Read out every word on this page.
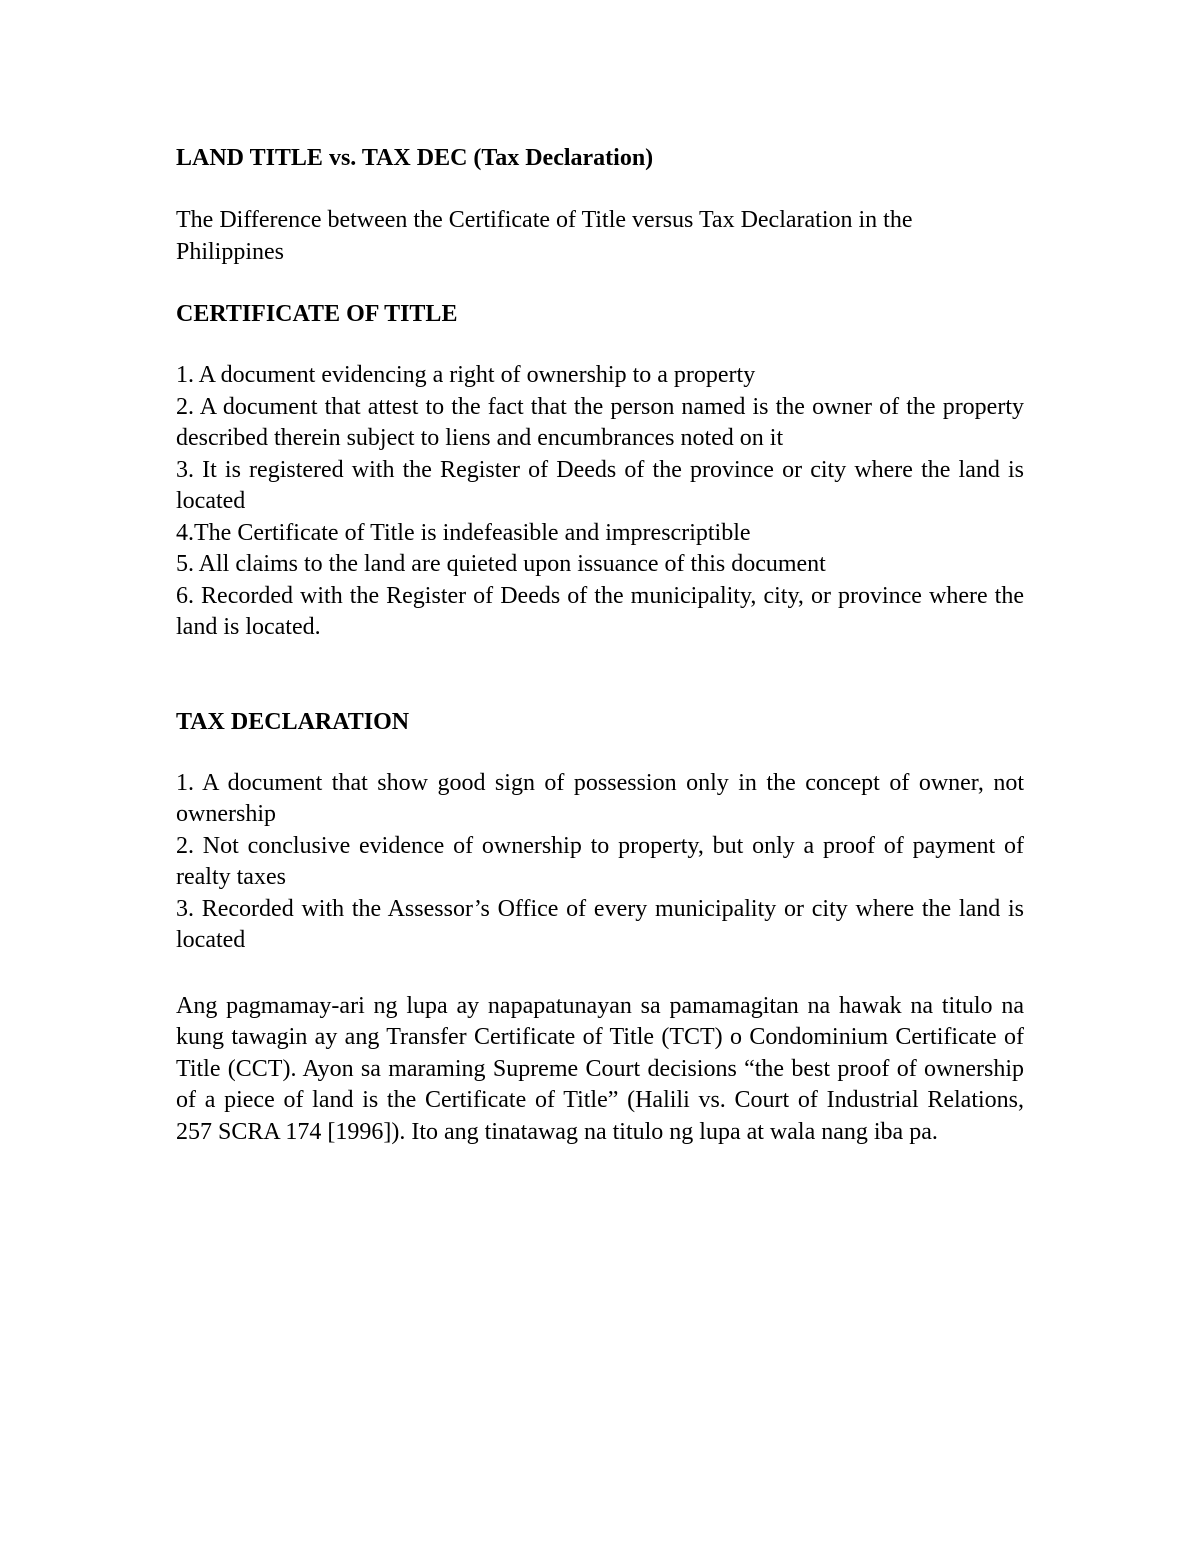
LAND TITLE vs. TAX DEC (Tax Declaration)
The Difference between the Certificate of Title versus Tax Declaration in the Philippines
CERTIFICATE OF TITLE
1. A document evidencing a right of ownership to a property
2. A document that attest to the fact that the person named is the owner of the property described therein subject to liens and encumbrances noted on it
3. It is registered with the Register of Deeds of the province or city where the land is located
4.The Certificate of Title is indefeasible and imprescriptible
5. All claims to the land are quieted upon issuance of this document
6. Recorded with the Register of Deeds of the municipality, city, or province where the land is located.
TAX DECLARATION
1. A document that show good sign of possession only in the concept of owner, not ownership
2. Not conclusive evidence of ownership to property, but only a proof of payment of realty taxes
3. Recorded with the Assessor’s Office of every municipality or city where the land is located

Ang pagmamay-ari ng lupa ay napapatunayan sa pamamagitan na hawak na titulo na kung tawagin ay ang Transfer Certificate of Title (TCT) o Condominium Certificate of Title (CCT). Ayon sa maraming Supreme Court decisions “the best proof of ownership of a piece of land is the Certificate of Title” (Halili vs. Court of Industrial Relations, 257 SCRA 174 [1996]). Ito ang tinatawag na titulo ng lupa at wala nang iba pa.
